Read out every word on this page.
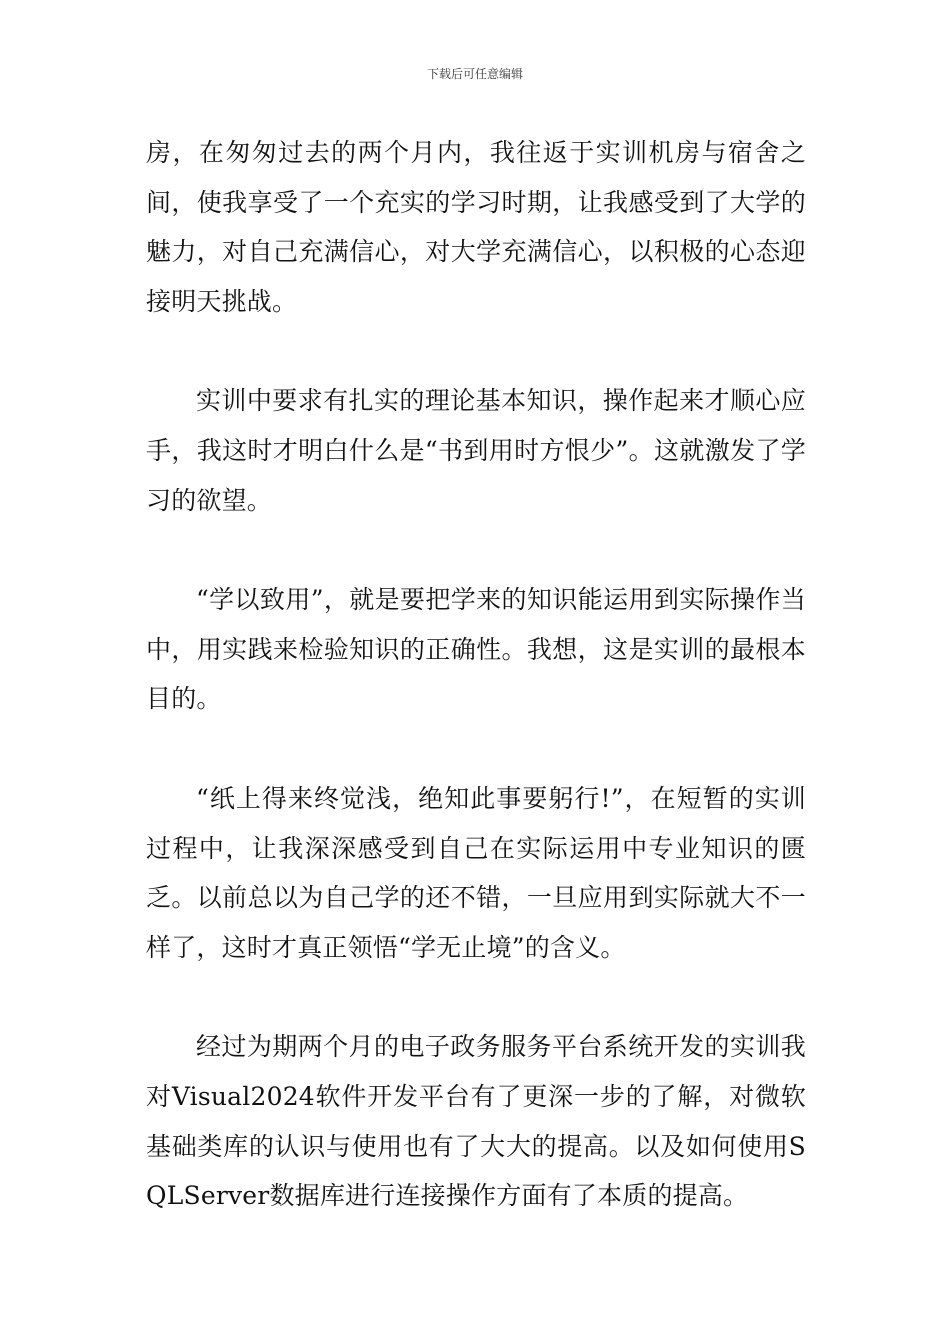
下载后可任意编辑

房，在匆匆过去的两个月内，我往返于实训机房与宿舍之间，使我享受了一个充实的学习时期，让我感受到了大学的魅力，对自己充满信心，对大学充满信心，以积极的心态迎接明天挑战。

实训中要求有扎实的理论基本知识，操作起来才顺心应手，我这时才明白什么是“书到用时方恨少”。这就激发了学习的欲望。

“学以致用”，就是要把学来的知识能运用到实际操作当中，用实践来检验知识的正确性。我想，这是实训的最根本目的。

“纸上得来终觉浅，绝知此事要躬行!”，在短暂的实训过程中，让我深深感受到自己在实际运用中专业知识的匮乏。以前总以为自己学的还不错，一旦应用到实际就大不一样了，这时才真正领悟“学无止境”的含义。

经过为期两个月的电子政务服务平台系统开发的实训我对Visual2024软件开发平台有了更深一步的了解，对微软基础类库的认识与使用也有了大大的提高。以及如何使用SQLServer数据库进行连接操作方面有了本质的提高。
